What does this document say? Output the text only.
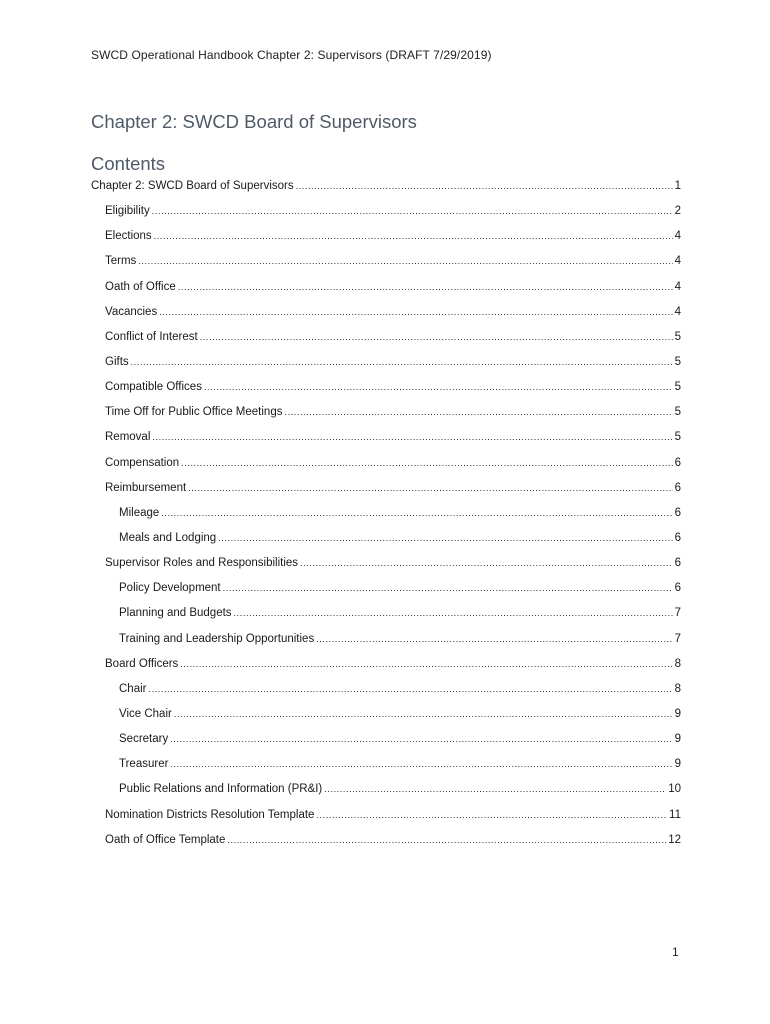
SWCD Operational Handbook Chapter 2: Supervisors (DRAFT 7/29/2019)
Chapter 2: SWCD Board of Supervisors
Contents
Chapter 2: SWCD Board of Supervisors .....	1
Eligibility .....	2
Elections .....	4
Terms .....	4
Oath of Office .....	4
Vacancies .....	4
Conflict of Interest .....	5
Gifts .....	5
Compatible Offices .....	5
Time Off for Public Office Meetings .....	5
Removal .....	5
Compensation .....	6
Reimbursement .....	6
Mileage .....	6
Meals and Lodging .....	6
Supervisor Roles and Responsibilities .....	6
Policy Development .....	6
Planning and Budgets .....	7
Training and Leadership Opportunities .....	7
Board Officers .....	8
Chair .....	8
Vice Chair .....	9
Secretary .....	9
Treasurer .....	9
Public Relations and Information (PR&I) .....	10
Nomination Districts Resolution Template .....	11
Oath of Office Template .....	12
1
